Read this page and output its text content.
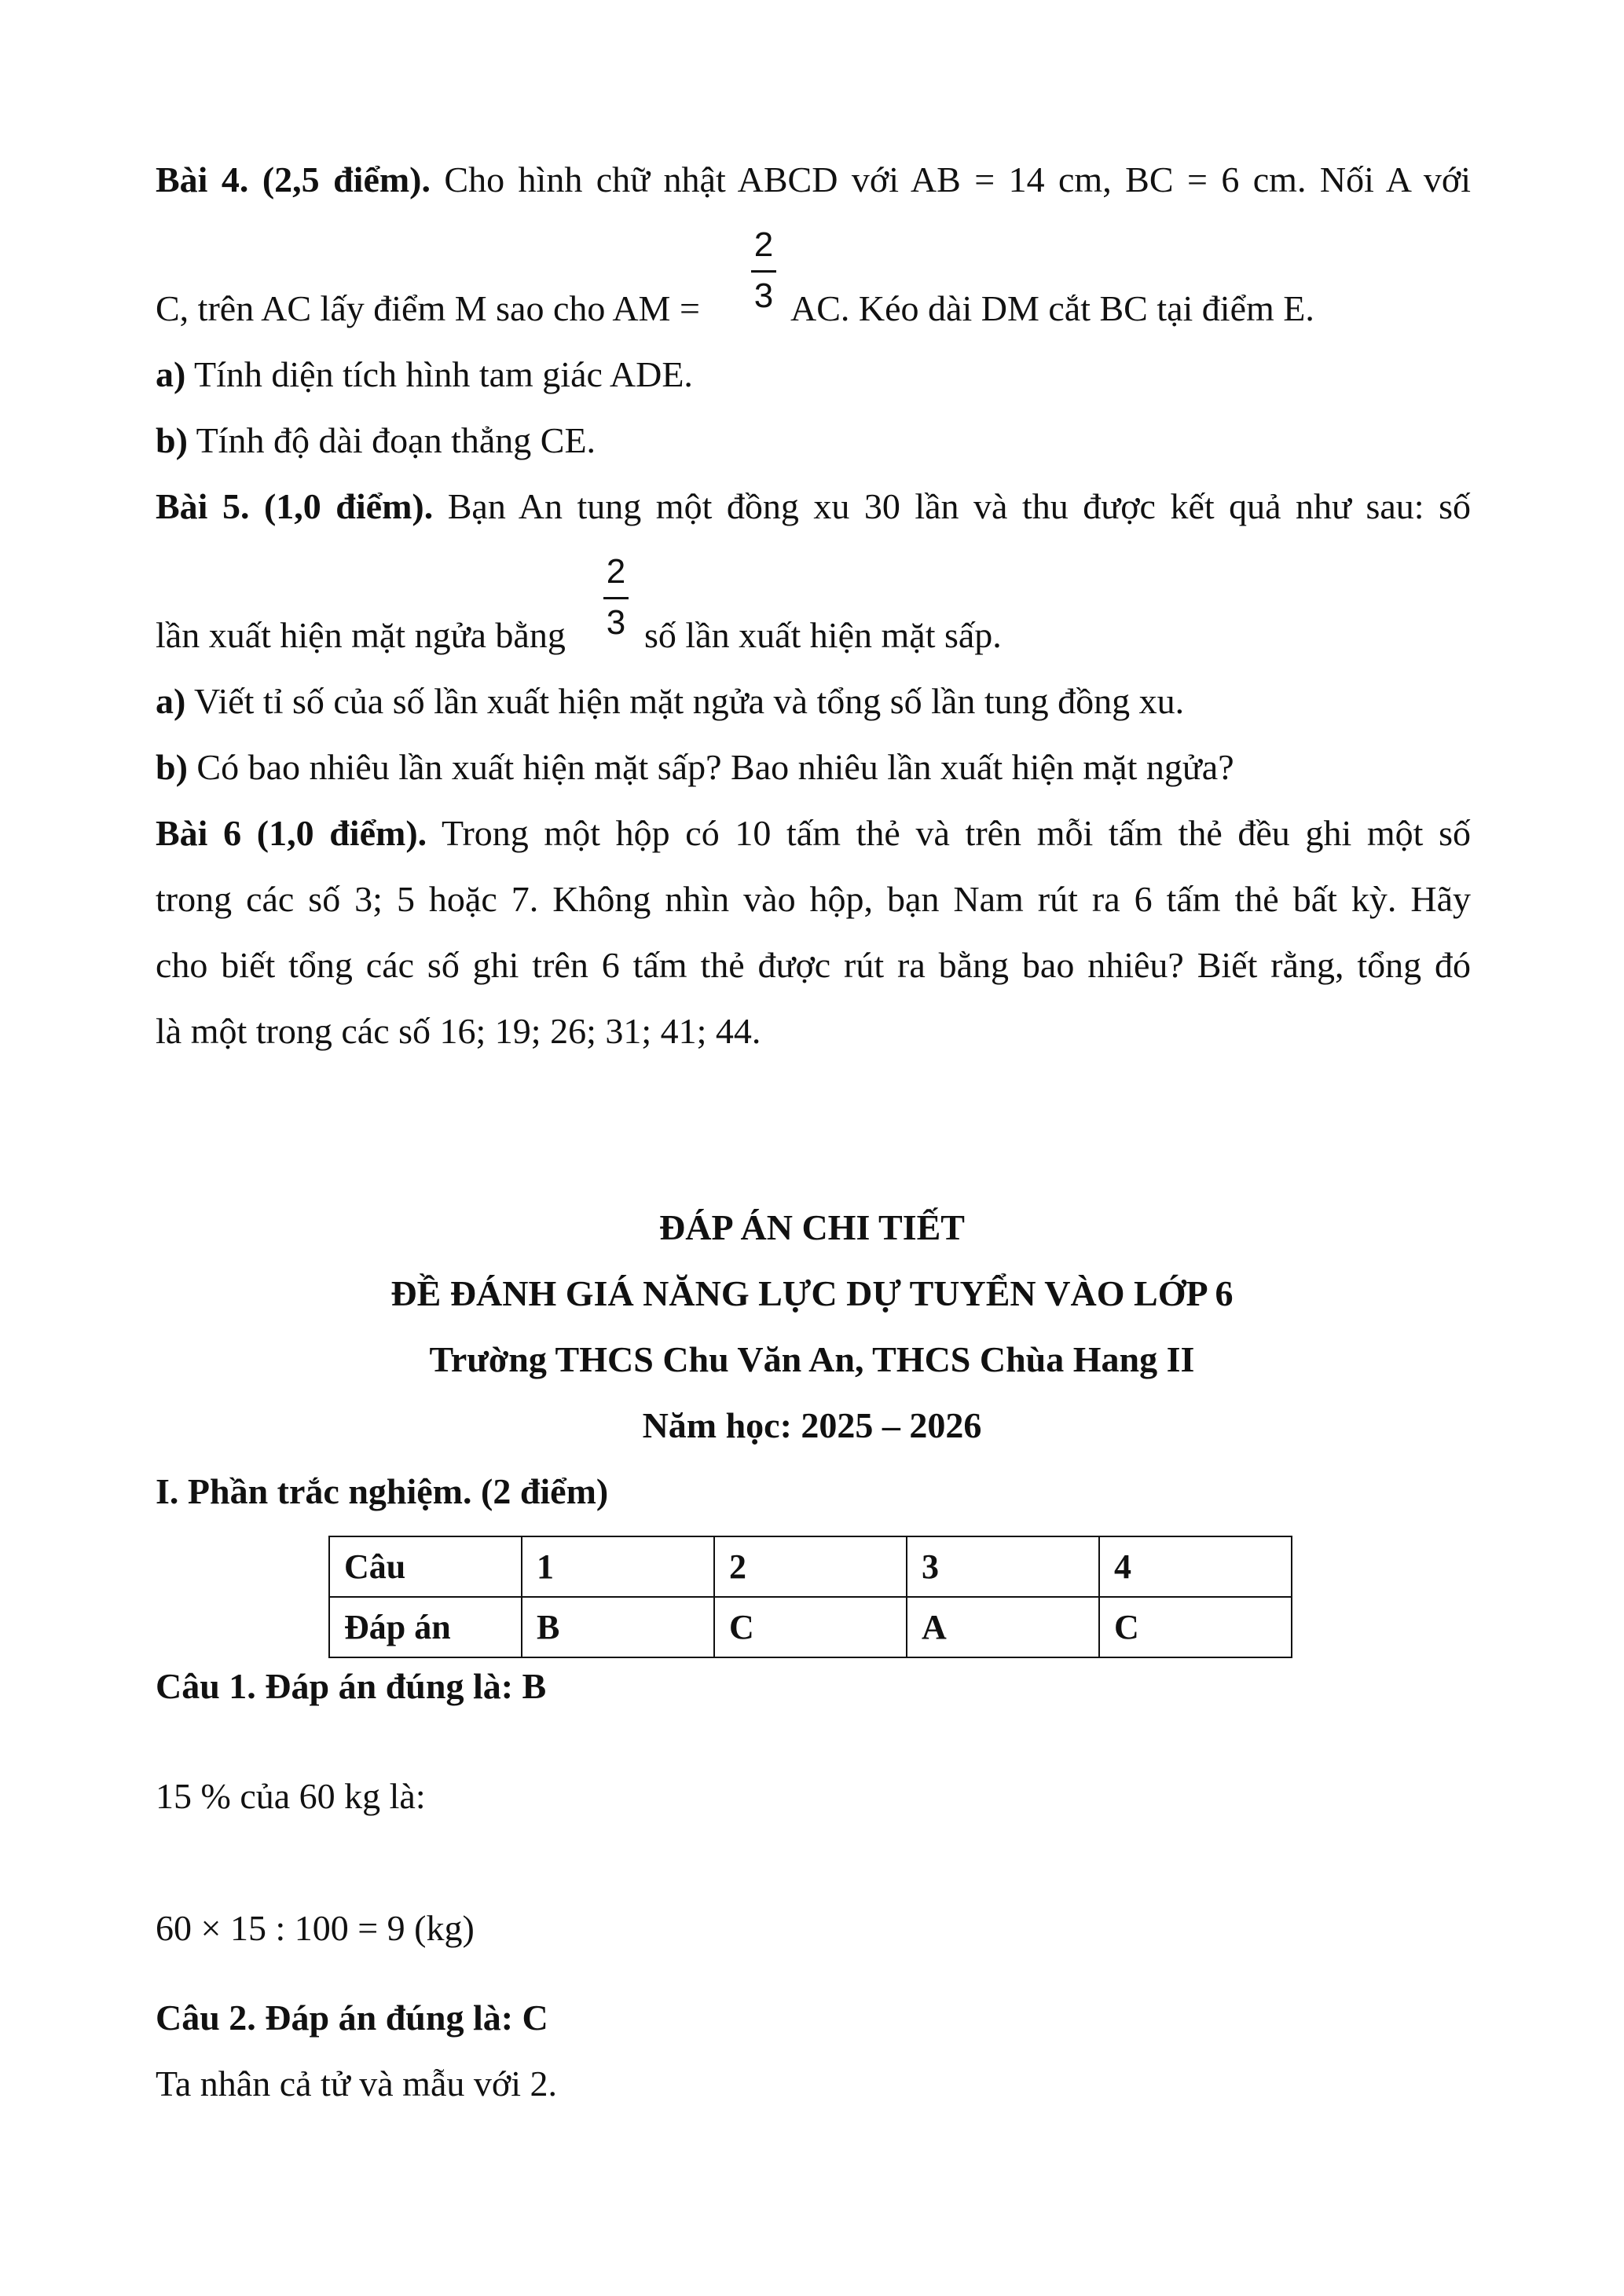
Bài 4. (2,5 điểm). Cho hình chữ nhật ABCD với AB = 14 cm, BC = 6 cm. Nối A với
C, trên AC lấy điểm M sao cho AM =
2
3 AC. Kéo dài DM cắt BC tại điểm E.
a) Tính diện tích hình tam giác ADE.
b) Tính độ dài đoạn thẳng CE.
Bài 5. (1,0 điểm). Bạn An tung một đồng xu 30 lần và thu được kết quả như sau: số
lần xuất hiện mặt ngửa bằng
2
3 số lần xuất hiện mặt sấp.
a) Viết tỉ số của số lần xuất hiện mặt ngửa và tổng số lần tung đồng xu.
b) Có bao nhiêu lần xuất hiện mặt sấp? Bao nhiêu lần xuất hiện mặt ngửa?
Bài 6 (1,0 điểm). Trong một hộp có 10 tấm thẻ và trên mỗi tấm thẻ đều ghi một số
trong các số 3; 5 hoặc 7. Không nhìn vào hộp, bạn Nam rút ra 6 tấm thẻ bất kỳ. Hãy
cho biết tổng các số ghi trên 6 tấm thẻ được rút ra bằng bao nhiêu? Biết rằng, tổng đó
là một trong các số 16; 19; 26; 31; 41; 44.
ĐÁP ÁN CHI TIẾT
ĐỀ ĐÁNH GIÁ NĂNG LỰC DỰ TUYỂN VÀO LỚP 6
Trường THCS Chu Văn An, THCS Chùa Hang II
Năm học: 2025 – 2026
I. Phần trắc nghiệm. (2 điểm)
Câu	1	2	3	4
Đáp án	B	C	A	C
Câu 1. Đáp án đúng là: B
15 % của 60 kg là:
60 × 15 : 100 = 9 (kg)
Câu 2. Đáp án đúng là: C
Ta nhân cả tử và mẫu với 2.
